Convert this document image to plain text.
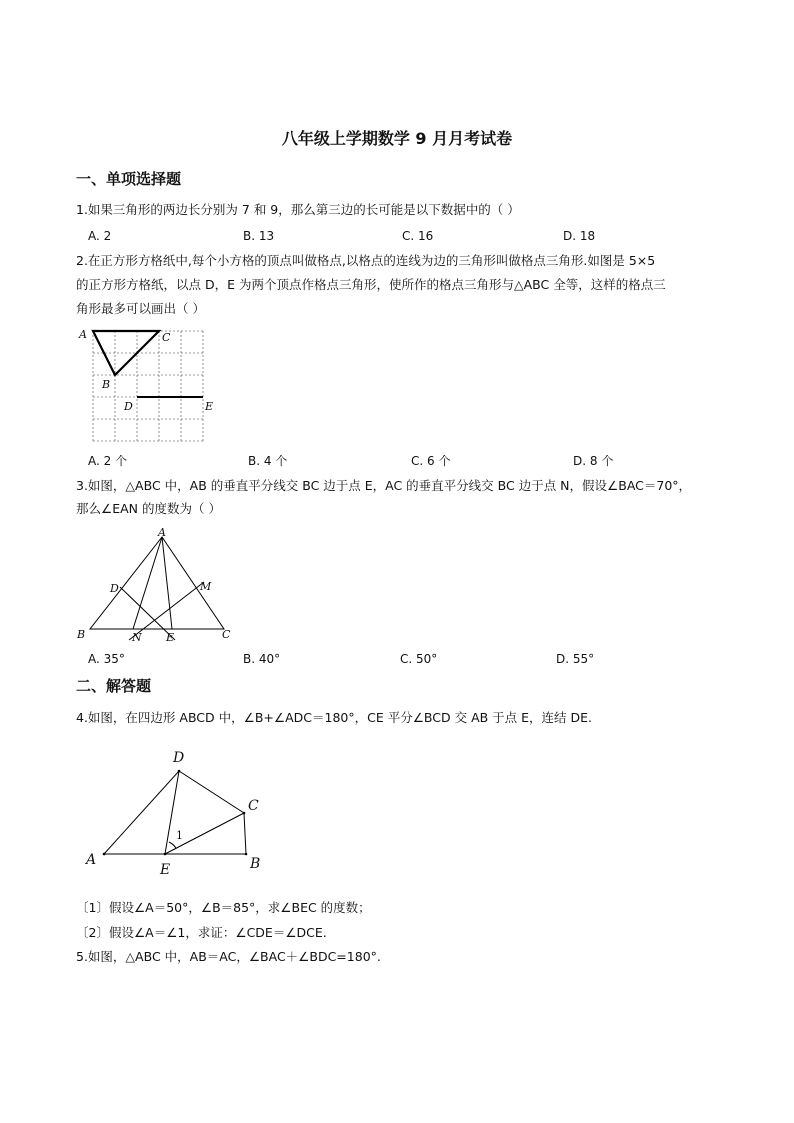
八年级上学期数学 9 月月考试卷
一、单项选择题
1.如果三角形的两边长分别为 7 和 9，那么第三边的长可能是以下数据中的（ ）
A. 2	B. 13	C. 16	D. 18
2.在正方形方格纸中,每个小方格的顶点叫做格点,以格点的连线为边的三角形叫做格点三角形.如图是 5×5
的正方形方格纸，以点 D，E 为两个顶点作格点三角形，使所作的格点三角形与△ABC 全等，这样的格点三
角形最多可以画出（ ）
A	C
B
D	E
A. 2 个	B. 4 个	C. 6 个	D. 8 个
3.如图，△ABC 中，AB 的垂直平分线交 BC 边于点 E，AC 的垂直平分线交 BC 边于点 N，假设∠BAC＝70°，
那么∠EAN 的度数为（ ）
A
D	M
B	N E	C
A. 35°	B. 40°	C. 50°	D. 55°
二、解答题
4.如图，在四边形 ABCD 中，∠B+∠ADC＝180°，CE 平分∠BCD 交 AB 于点 E，连结 DE.
D
C
A	B
E
1
〔1〕假设∠A＝50°，∠B＝85°，求∠BEC 的度数；
〔2〕假设∠A＝∠1，求证：∠CDE＝∠DCE.
5.如图，△ABC 中，AB＝AC，∠BAC＋∠BDC=180°.
